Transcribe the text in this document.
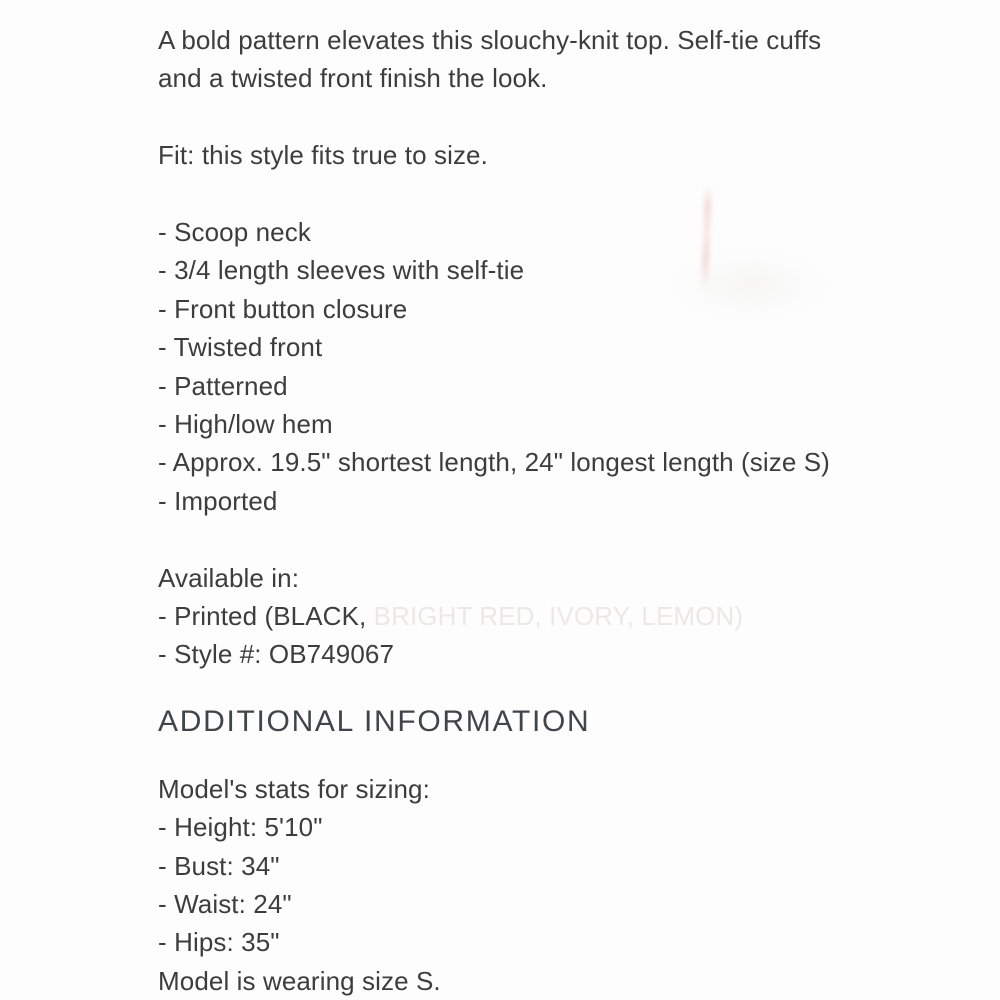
A bold pattern elevates this slouchy-knit top. Self-tie cuffs and a twisted front finish the look.
Fit: this style fits true to size.
- Scoop neck
- 3/4 length sleeves with self-tie
- Front button closure
- Twisted front
- Patterned
- High/low hem
- Approx. 19.5" shortest length, 24" longest length (size S)
- Imported
Available in:
- Printed (BLACK, BRIGHT RED, IVORY, LEMON)
- Style #: OB749067
ADDITIONAL INFORMATION
Model's stats for sizing:
- Height: 5'10"
- Bust: 34"
- Waist: 24"
- Hips: 35"
Model is wearing size S.
